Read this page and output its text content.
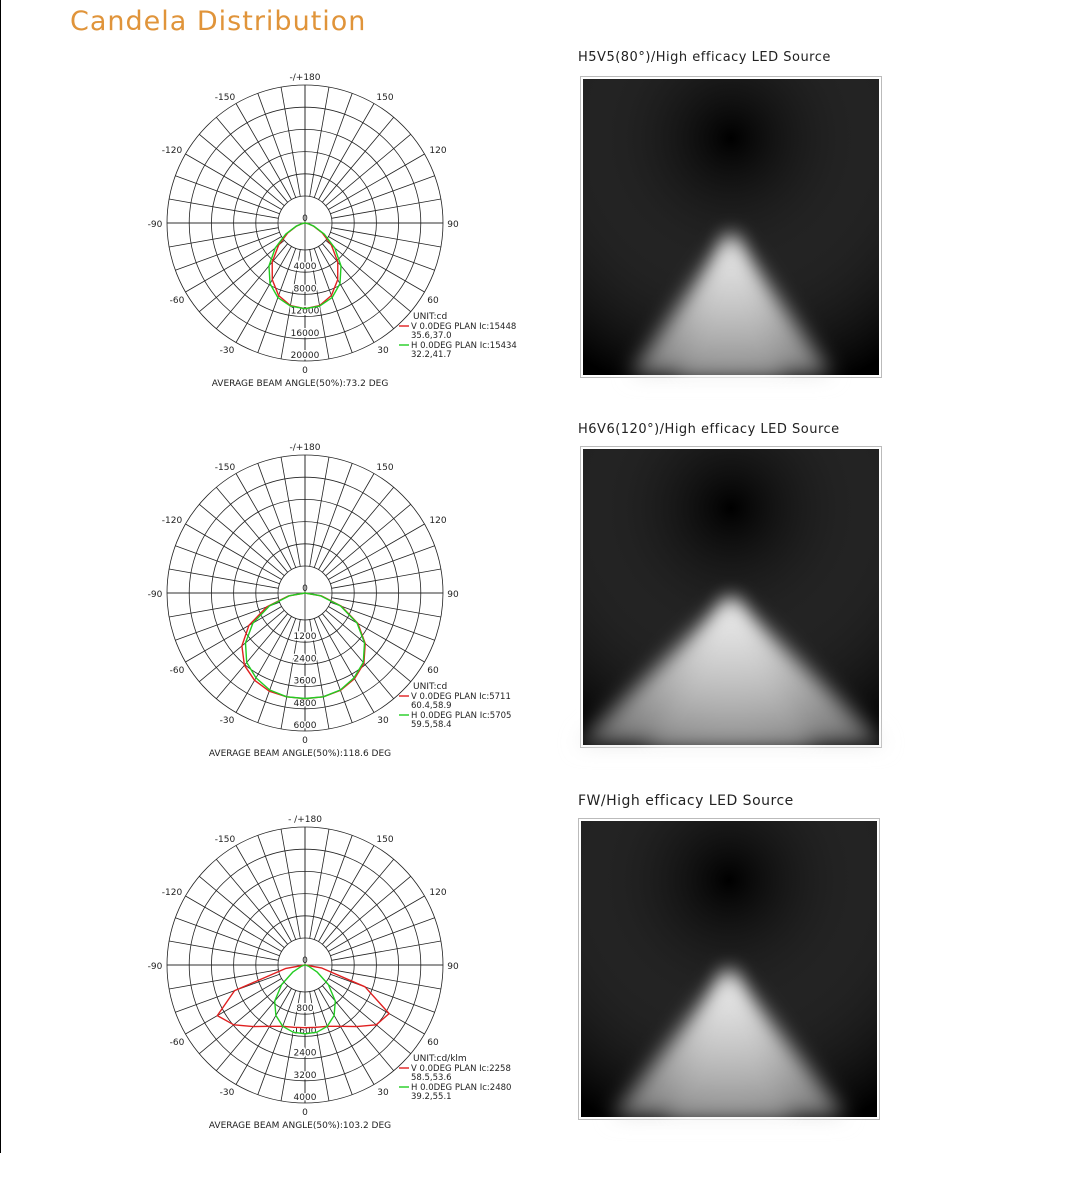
Candela Distribution
-150	150
-120	120
-90	90
-60	60
-30	30
0
0
-/+180
4000
8000
12000
16000
20000
UNIT:cd
V 0.0DEG PLAN Ic:15448
35.6,37.0
H 0.0DEG PLAN Ic:15434
32.2,41.7
AVERAGE BEAM ANGLE(50%):73.2 DEG
-150	150
-120	120
-90	90
-60	60
-30	30
0
0
-/+180
1200
2400
3600
4800
6000
UNIT:cd
V 0.0DEG PLAN Ic:5711
60.4,58.9
H 0.0DEG PLAN Ic:5705
59.5,58.4
AVERAGE BEAM ANGLE(50%):118.6 DEG
-150	150
-120	120
-90	90
-60	60
-30	30
0
0
- /+180
800
1600
2400
3200
4000
UNIT:cd/klm
V 0.0DEG PLAN Ic:2258
58.5,53.6
H 0.0DEG PLAN Ic:2480
39.2,55.1
AVERAGE BEAM ANGLE(50%):103.2 DEG
H5V5(80°)/High efficacy LED Source
H6V6(120°)/High efficacy LED Source
FW/High efficacy LED Source
